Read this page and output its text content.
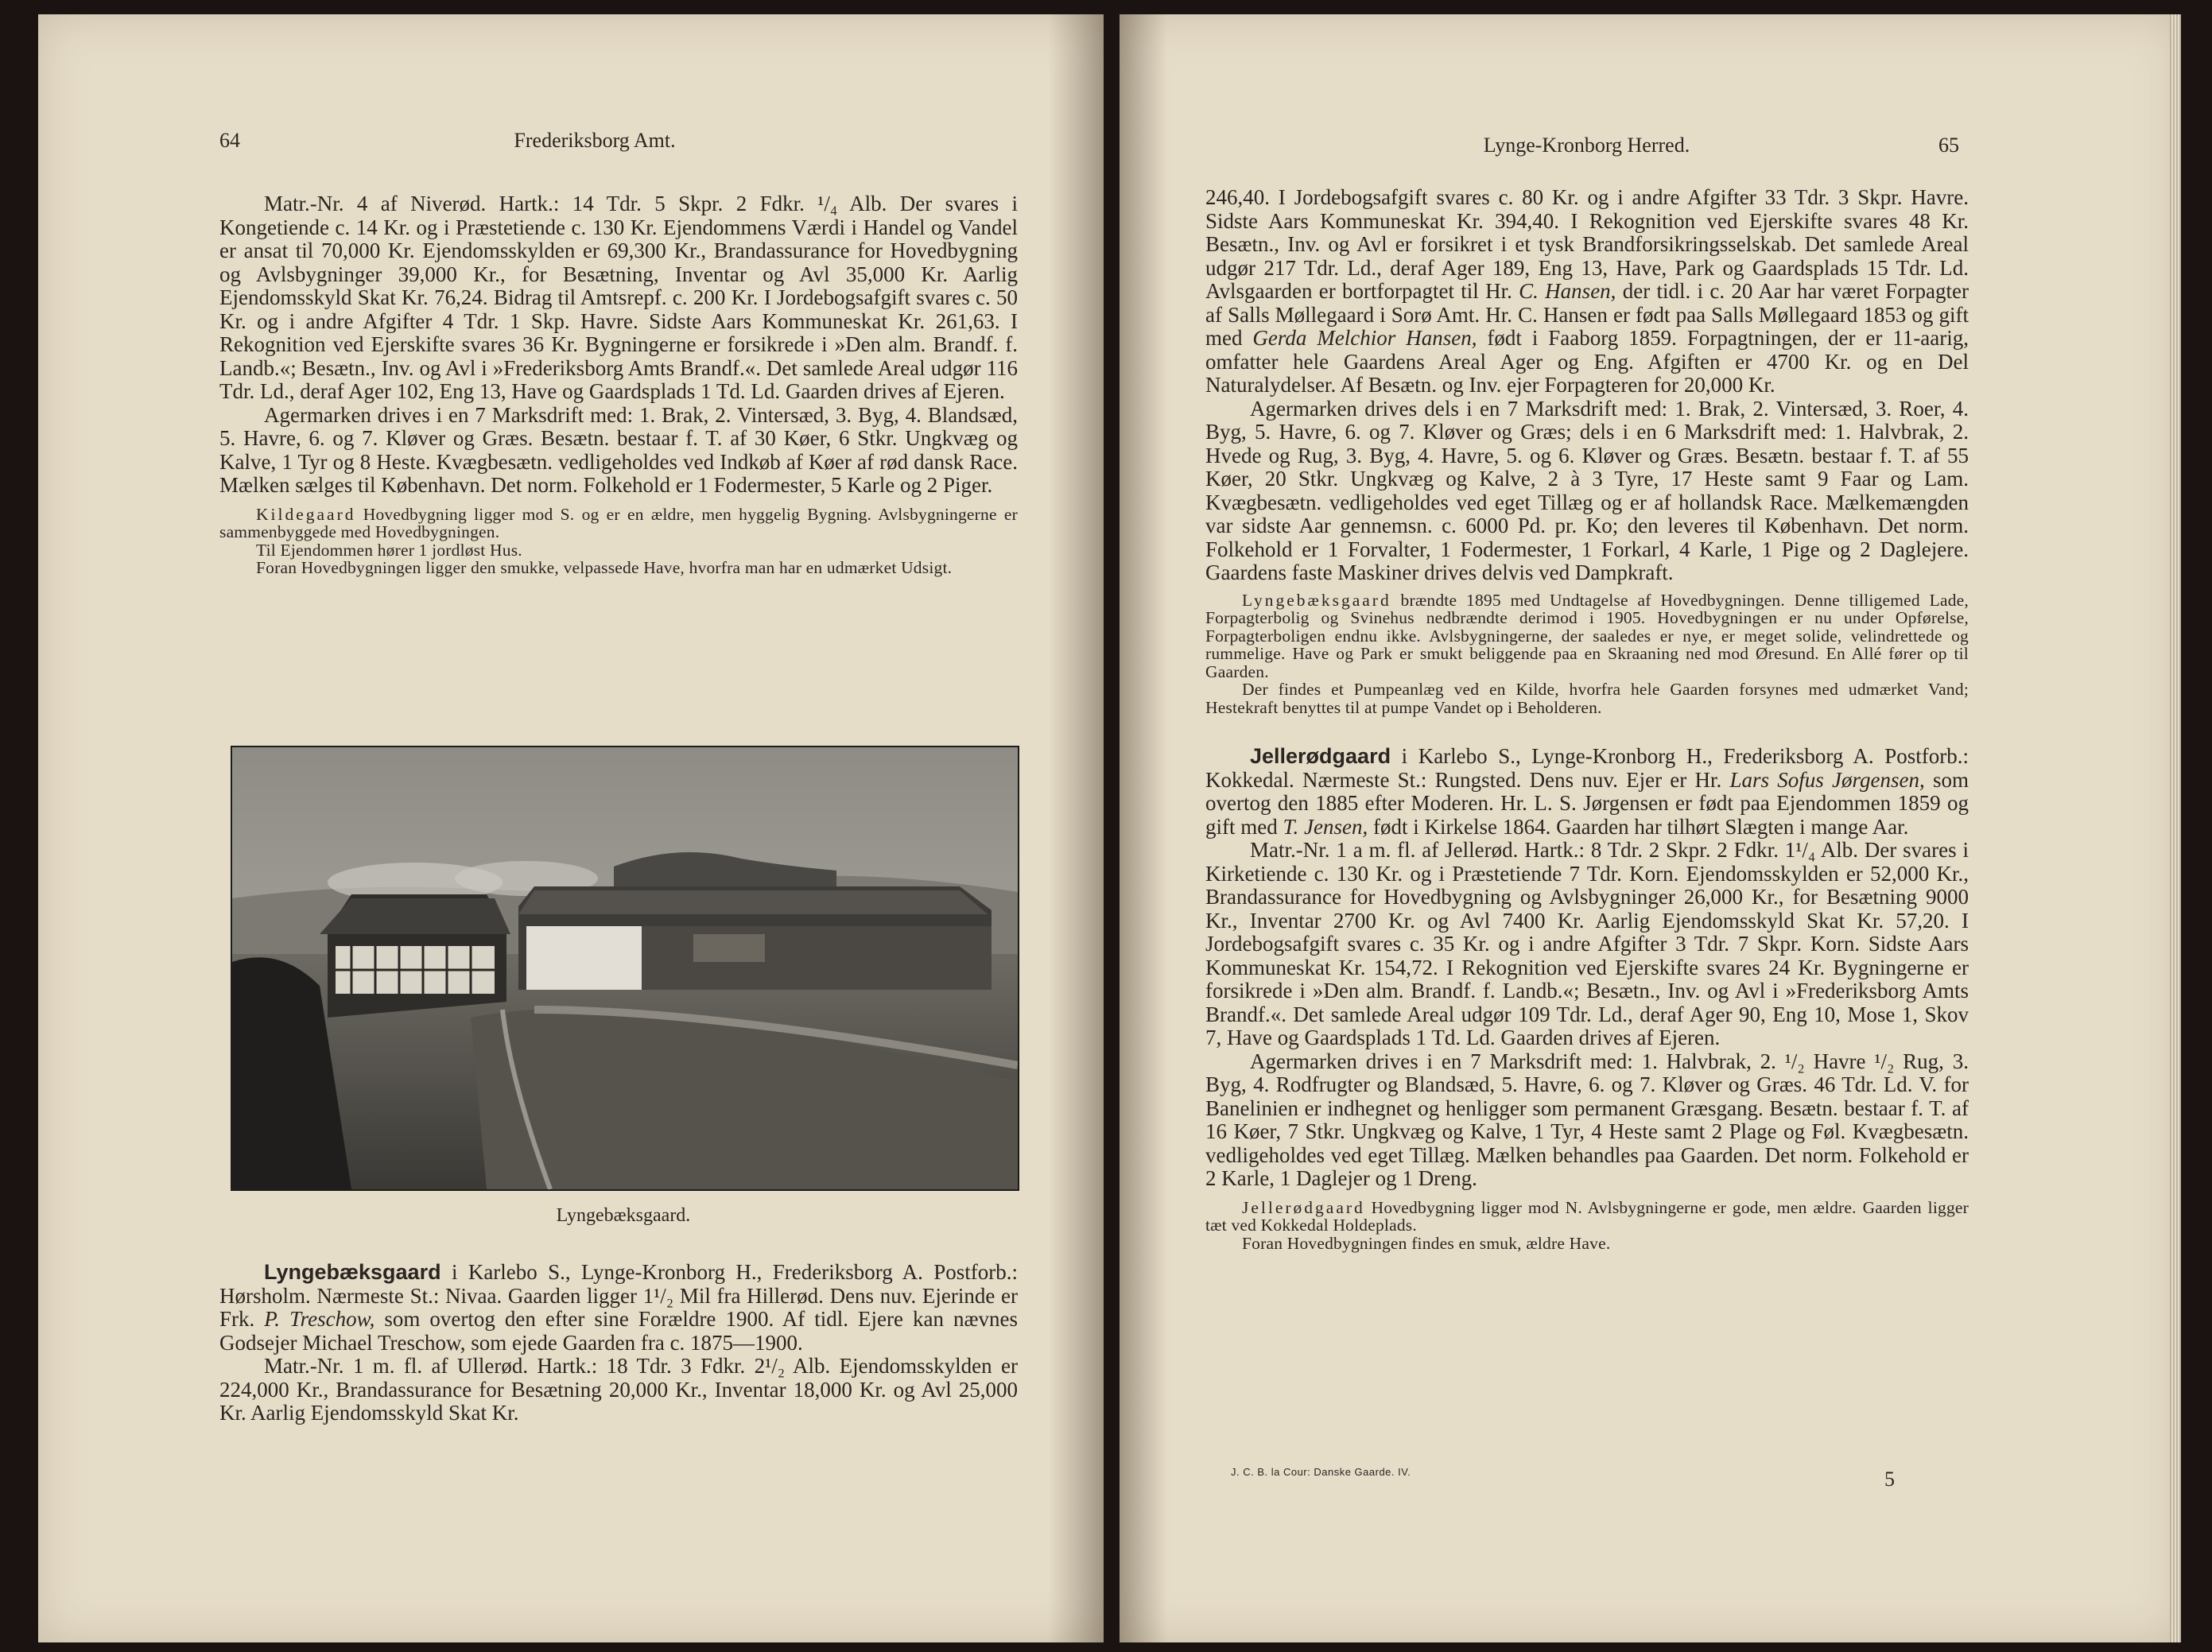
64	Frederiksborg Amt.

Matr.-Nr. 4 af Niverød. Hartk.: 14 Tdr. 5 Skpr. 2 Fdkr. ¹/₄ Alb. Der svares i Kongetiende c. 14 Kr. og i Præstetiende c. 130 Kr. Ejendommens Værdi i Handel og Vandel er ansat til 70,000 Kr. Ejendomsskylden er 69,300 Kr., Brandassurance for Hovedbygning og Avlsbygninger 39,000 Kr., for Besætning, Inventar og Avl 35,000 Kr. Aarlig Ejendomsskyld Skat Kr. 76,24. Bidrag til Amtsrepf. c. 200 Kr. I Jordebogsafgift svares c. 50 Kr. og i andre Afgifter 4 Tdr. 1 Skp. Havre. Sidste Aars Kommuneskat Kr. 261,63. I Rekognition ved Ejerskifte svares 36 Kr. Bygningerne er forsikrede i »Den alm. Brandf. f. Landb.«; Besætn., Inv. og Avl i »Frederiksborg Amts Brandf.«. Det samlede Areal udgør 116 Tdr. Ld., deraf Ager 102, Eng 13, Have og Gaardsplads 1 Td. Ld. Gaarden drives af Ejeren.

Agermarken drives i en 7 Marksdrift med: 1. Brak, 2. Vintersæd, 3. Byg, 4. Blandsæd, 5. Havre, 6. og 7. Kløver og Græs. Besætn. bestaar f. T. af 30 Køer, 6 Stkr. Ungkvæg og Kalve, 1 Tyr og 8 Heste. Kvægbesætn. vedligeholdes ved Indkøb af Køer af rød dansk Race. Mælken sælges til København. Det norm. Folkehold er 1 Fodermester, 5 Karle og 2 Piger.

Kildegaard Hovedbygning ligger mod S. og er en ældre, men hyggelig Bygning. Avlsbygningerne er sammenbyggede med Hovedbygningen.

Til Ejendommen hører 1 jordløst Hus.

Foran Hovedbygningen ligger den smukke, velpassede Have, hvorfra man har en udmærket Udsigt.

Lyngebæksgaard.

Lyngebæksgaard i Karlebo S., Lynge-Kronborg H., Frederiksborg A. Postforb.: Hørsholm. Nærmeste St.: Nivaa. Gaarden ligger 1¹/₂ Mil fra Hillerød. Dens nuv. Ejerinde er Frk. P. Treschow, som overtog den efter sine Forældre 1900. Af tidl. Ejere kan nævnes Godsejer Michael Treschow, som ejede Gaarden fra c. 1875—1900.

Matr.-Nr. 1 m. fl. af Ullerød. Hartk.: 18 Tdr. 3 Fdkr. 2¹/₂ Alb. Ejendomsskylden er 224,000 Kr., Brandassurance for Besætning 20,000 Kr., Inventar 18,000 Kr. og Avl 25,000 Kr. Aarlig Ejendomsskyld Skat Kr.

Lynge-Kronborg Herred.	65

246,40. I Jordebogsafgift svares c. 80 Kr. og i andre Afgifter 33 Tdr. 3 Skpr. Havre. Sidste Aars Kommuneskat Kr. 394,40. I Rekognition ved Ejerskifte svares 48 Kr. Besætn., Inv. og Avl er forsikret i et tysk Brandforsikringsselskab. Det samlede Areal udgør 217 Tdr. Ld., deraf Ager 189, Eng 13, Have, Park og Gaardsplads 15 Tdr. Ld. Avlsgaarden er bortforpagtet til Hr. C. Hansen, der tidl. i c. 20 Aar har været Forpagter af Salls Møllegaard i Sorø Amt. Hr. C. Hansen er født paa Salls Møllegaard 1853 og gift med Gerda Melchior Hansen, født i Faaborg 1859. Forpagtningen, der er 11-aarig, omfatter hele Gaardens Areal Ager og Eng. Afgiften er 4700 Kr. og en Del Naturalydelser. Af Besætn. og Inv. ejer Forpagteren for 20,000 Kr.

Agermarken drives dels i en 7 Marksdrift med: 1. Brak, 2. Vintersæd, 3. Roer, 4. Byg, 5. Havre, 6. og 7. Kløver og Græs; dels i en 6 Marksdrift med: 1. Halvbrak, 2. Hvede og Rug, 3. Byg, 4. Havre, 5. og 6. Kløver og Græs. Besætn. bestaar f. T. af 55 Køer, 20 Stkr. Ungkvæg og Kalve, 2 à 3 Tyre, 17 Heste samt 9 Faar og Lam. Kvægbesætn. vedligeholdes ved eget Tillæg og er af hollandsk Race. Mælkemængden var sidste Aar gennemsn. c. 6000 Pd. pr. Ko; den leveres til København. Det norm. Folkehold er 1 Forvalter, 1 Fodermester, 1 Forkarl, 4 Karle, 1 Pige og 2 Daglejere. Gaardens faste Maskiner drives delvis ved Dampkraft.

Lyngebæksgaard brændte 1895 med Undtagelse af Hovedbygningen. Denne tilligemed Lade, Forpagterbolig og Svinehus nedbrændte derimod i 1905. Hovedbygningen er nu under Opførelse, Forpagterboligen endnu ikke. Avlsbygningerne, der saaledes er nye, er meget solide, velindrettede og rummelige. Have og Park er smukt beliggende paa en Skraaning ned mod Øresund. En Allé fører op til Gaarden.

Der findes et Pumpeanlæg ved en Kilde, hvorfra hele Gaarden forsynes med udmærket Vand; Hestekraft benyttes til at pumpe Vandet op i Beholderen.

Jellerødgaard i Karlebo S., Lynge-Kronborg H., Frederiksborg A. Postforb.: Kokkedal. Nærmeste St.: Rungsted. Dens nuv. Ejer er Hr. Lars Sofus Jørgensen, som overtog den 1885 efter Moderen. Hr. L. S. Jørgensen er født paa Ejendommen 1859 og gift med T. Jensen, født i Kirkelse 1864. Gaarden har tilhørt Slægten i mange Aar.

Matr.-Nr. 1 a m. fl. af Jellerød. Hartk.: 8 Tdr. 2 Skpr. 2 Fdkr. 1¹/₄ Alb. Der svares i Kirketiende c. 130 Kr. og i Præstetiende 7 Tdr. Korn. Ejendomsskylden er 52,000 Kr., Brandassurance for Hovedbygning og Avlsbygninger 26,000 Kr., for Besætning 9000 Kr., Inventar 2700 Kr. og Avl 7400 Kr. Aarlig Ejendomsskyld Skat Kr. 57,20. I Jordebogsafgift svares c. 35 Kr. og i andre Afgifter 3 Tdr. 7 Skpr. Korn. Sidste Aars Kommuneskat Kr. 154,72. I Rekognition ved Ejerskifte svares 24 Kr. Bygningerne er forsikrede i »Den alm. Brandf. f. Landb.«; Besætn., Inv. og Avl i »Frederiksborg Amts Brandf.«. Det samlede Areal udgør 109 Tdr. Ld., deraf Ager 90, Eng 10, Mose 1, Skov 7, Have og Gaardsplads 1 Td. Ld. Gaarden drives af Ejeren.

Agermarken drives i en 7 Marksdrift med: 1. Halvbrak, 2. ¹/₂ Havre ¹/₂ Rug, 3. Byg, 4. Rodfrugter og Blandsæd, 5. Havre, 6. og 7. Kløver og Græs. 46 Tdr. Ld. V. for Banelinien er indhegnet og henligger som permanent Græsgang. Besætn. bestaar f. T. af 16 Køer, 7 Stkr. Ungkvæg og Kalve, 1 Tyr, 4 Heste samt 2 Plage og Føl. Kvægbesætn. vedligeholdes ved eget Tillæg. Mælken behandles paa Gaarden. Det norm. Folkehold er 2 Karle, 1 Daglejer og 1 Dreng.

Jellerødgaard Hovedbygning ligger mod N. Avlsbygningerne er gode, men ældre. Gaarden ligger tæt ved Kokkedal Holdeplads.

Foran Hovedbygningen findes en smuk, ældre Have.

J. C. B. la Cour: Danske Gaarde. IV.	5
